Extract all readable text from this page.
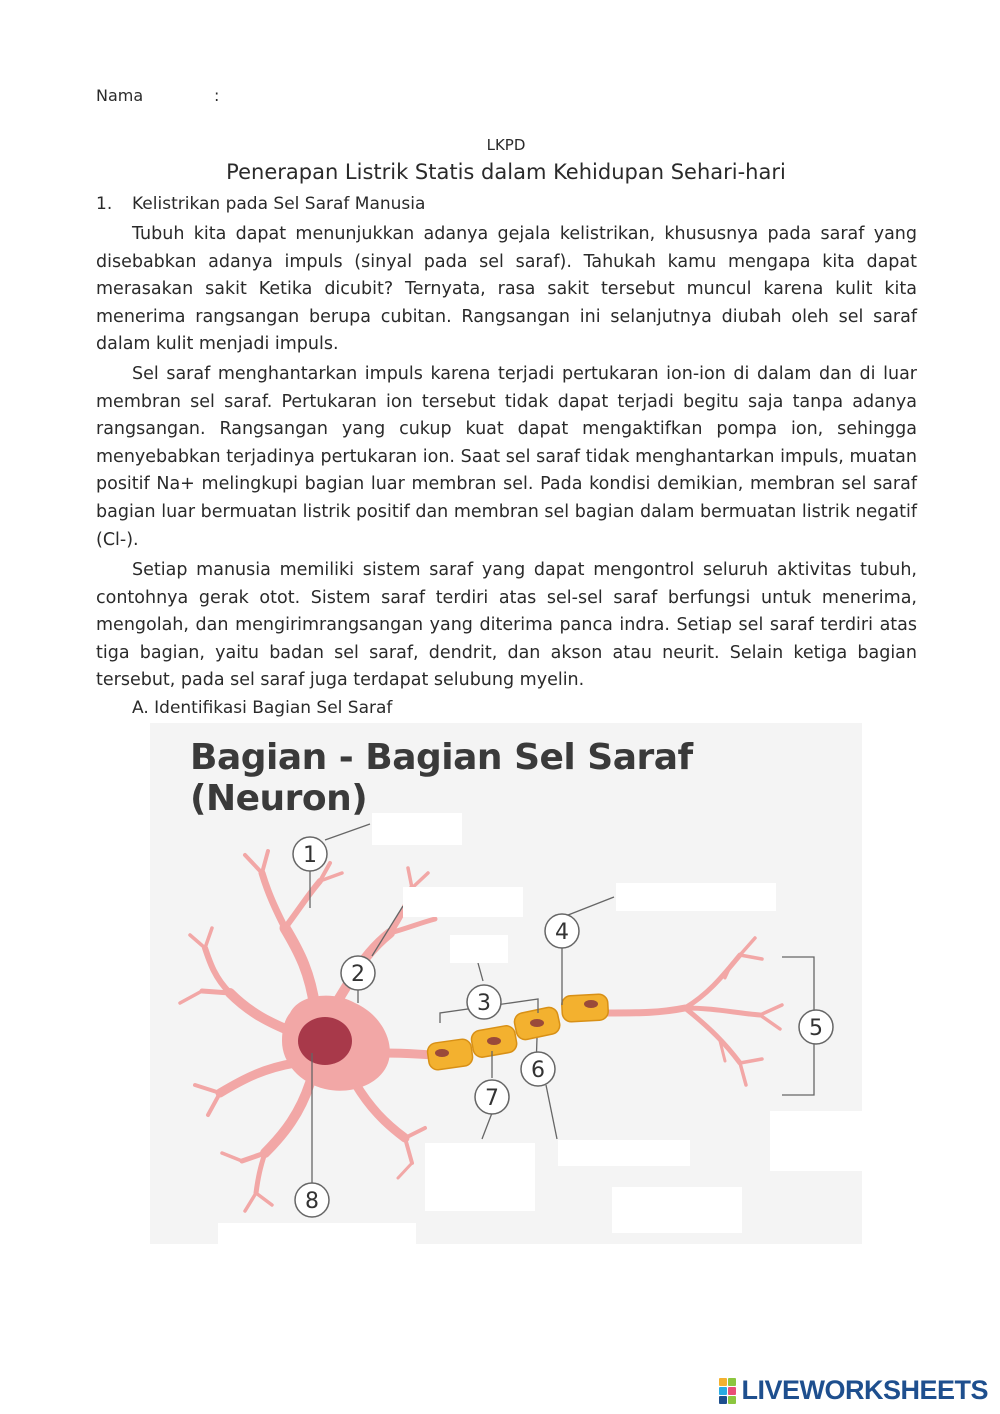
Nama	:
LKPD
Penerapan Listrik Statis dalam Kehidupan Sehari-hari
1. Kelistrikan pada Sel Saraf Manusia

Tubuh kita dapat menunjukkan adanya gejala kelistrikan, khususnya pada saraf yang disebabkan adanya impuls (sinyal pada sel saraf). Tahukah kamu mengapa kita dapat merasakan sakit Ketika dicubit? Ternyata, rasa sakit tersebut muncul karena kulit kita menerima rangsangan berupa cubitan. Rangsangan ini selanjutnya diubah oleh sel saraf dalam kulit menjadi impuls.

Sel saraf menghantarkan impuls karena terjadi pertukaran ion-ion di dalam dan di luar membran sel saraf. Pertukaran ion tersebut tidak dapat terjadi begitu saja tanpa adanya rangsangan. Rangsangan yang cukup kuat dapat mengaktifkan pompa ion, sehingga menyebabkan terjadinya pertukaran ion. Saat sel saraf tidak menghantarkan impuls, muatan positif Na+ melingkupi bagian luar membran sel. Pada kondisi demikian, membran sel saraf bagian luar bermuatan listrik positif dan membran sel bagian dalam bermuatan listrik negatif (Cl-).

Setiap manusia memiliki sistem saraf yang dapat mengontrol seluruh aktivitas tubuh, contohnya gerak otot. Sistem saraf terdiri atas sel-sel saraf berfungsi untuk menerima, mengolah, dan mengirimrangsangan yang diterima panca indra. Setiap sel saraf terdiri atas tiga bagian, yaitu badan sel saraf, dendrit, dan akson atau neurit. Selain ketiga bagian tersebut, pada sel saraf juga terdapat selubung myelin.

A. Identifikasi Bagian Sel Saraf
Bagian - Bagian Sel Saraf (Neuron)
1
2
3
4
5
6
7
8
LIVEWORKSHEETS
